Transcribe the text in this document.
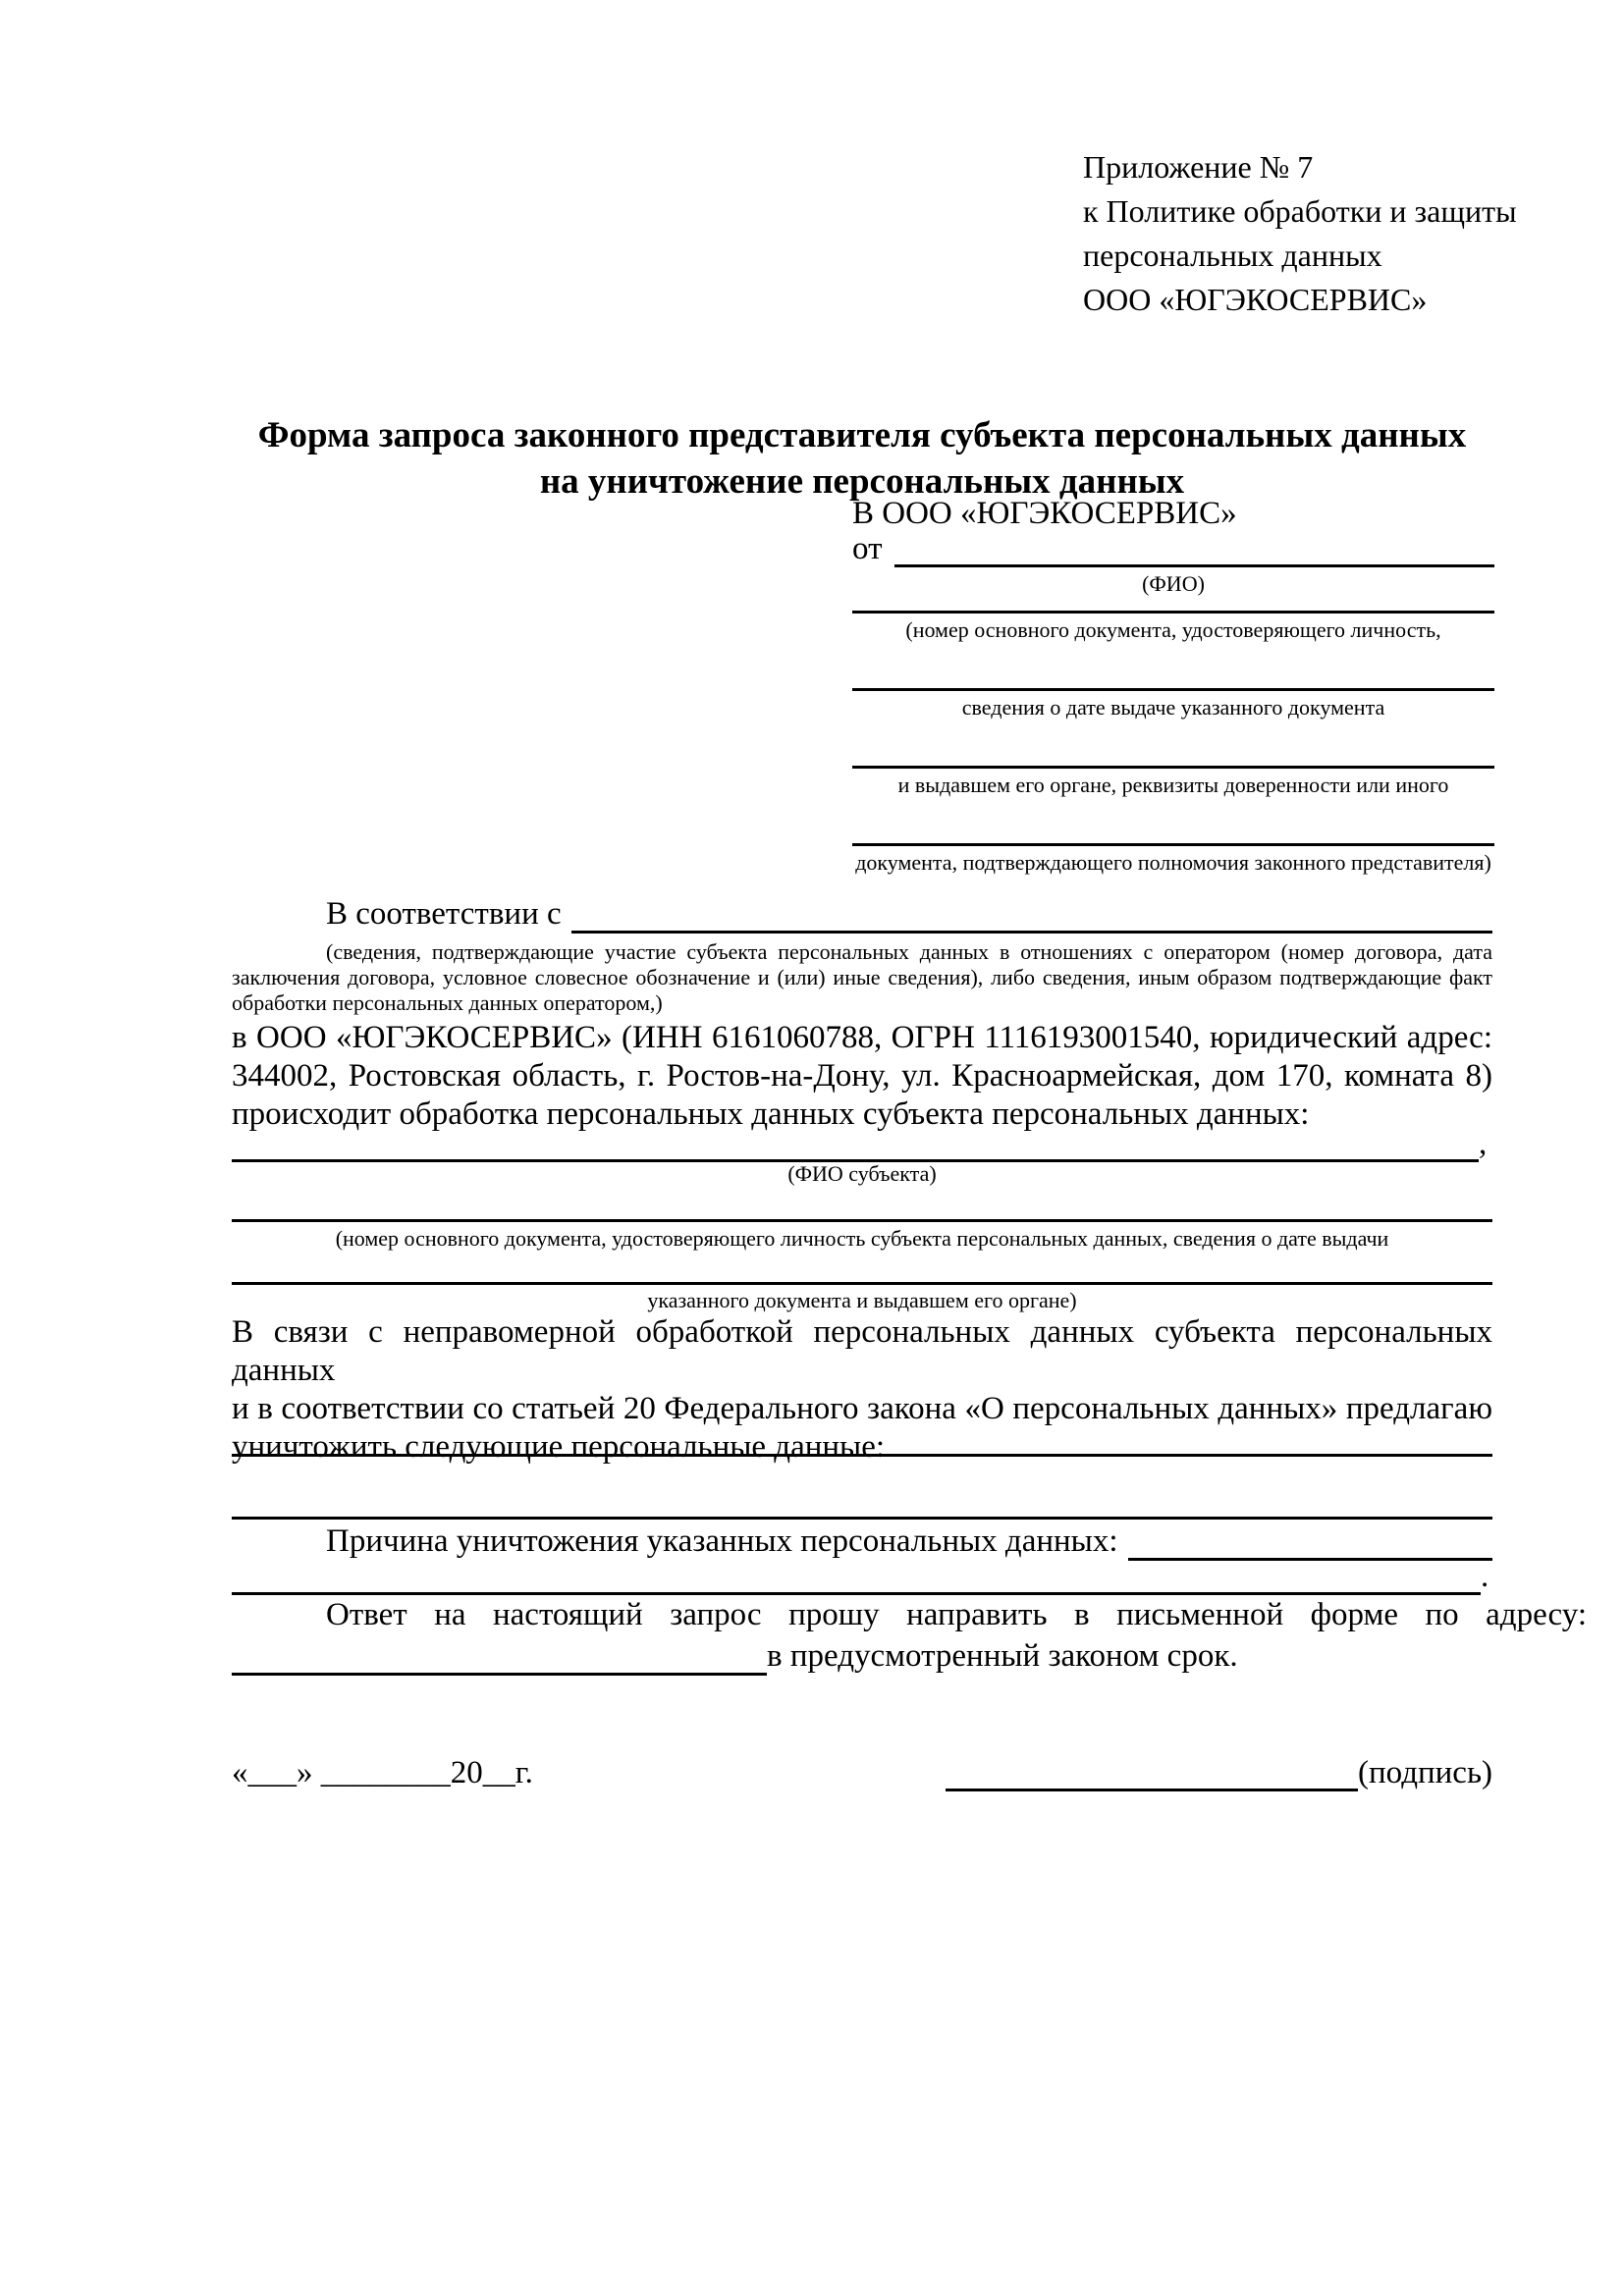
Приложение № 7
к Политике обработки и защиты
персональных данных
ООО «ЮГЭКОСЕРВИС»
Форма запроса законного представителя субъекта персональных данных
на уничтожение персональных данных
В ООО «ЮГЭКОСЕРВИС»
от
(ФИО)
(номер основного документа, удостоверяющего личность,
сведения о дате выдаче указанного документа
и выдавшем его органе, реквизиты доверенности или иного
документа, подтверждающего полномочия законного представителя)
В соответствии с
(сведения, подтверждающие участие субъекта персональных данных в отношениях с оператором (номер договора, дата
заключения договора, условное словесное обозначение и (или) иные сведения), либо сведения, иным образом подтверждающие факт
обработки персональных данных оператором,)
в ООО «ЮГЭКОСЕРВИС» (ИНН 6161060788, ОГРН 1116193001540, юридический адрес:
344002, Ростовская область, г. Ростов-на-Дону, ул. Красноармейская, дом 170, комната 8)
происходит обработка персональных данных субъекта персональных данных:
,
(ФИО субъекта)
(номер основного документа, удостоверяющего личность субъекта персональных данных, сведения о дате выдачи
указанного документа и выдавшем его органе)
В связи с неправомерной обработкой персональных данных субъекта персональных данных
и в соответствии со статьей 20 Федерального закона «О персональных данных» предлагаю
уничтожить следующие персональные данные:
Причина уничтожения указанных персональных данных:
.
Ответ на настоящий запрос прошу направить в письменной форме по адресу:
в предусмотренный законом срок.
«___» ________20__г.	(подпись)
